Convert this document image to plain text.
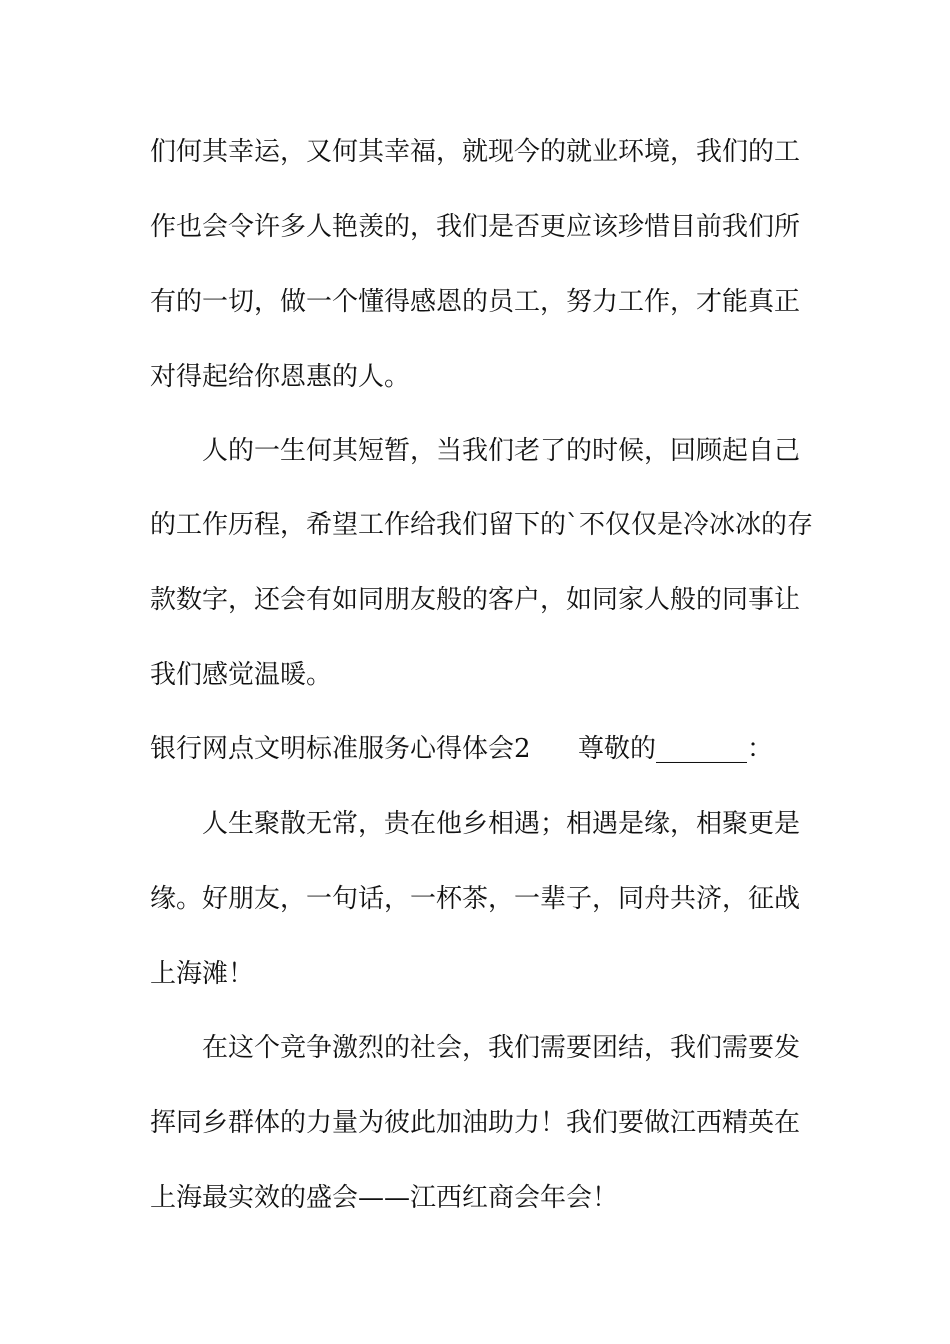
们何其幸运，又何其幸福，就现今的就业环境，我们的工
作也会令许多人艳羡的，我们是否更应该珍惜目前我们所
有的一切，做一个懂得感恩的员工，努力工作，才能真正
对得起给你恩惠的人。
人的一生何其短暂，当我们老了的时候，回顾起自己
的工作历程，希望工作给我们留下的`不仅仅是冷冰冰的存
款数字，还会有如同朋友般的客户，如同家人般的同事让
我们感觉温暖。
银行网点文明标准服务心得体会2 尊敬的_______：
人生聚散无常，贵在他乡相遇；相遇是缘，相聚更是
缘。好朋友，一句话，一杯茶，一辈子，同舟共济，征战
上海滩！
在这个竞争激烈的社会，我们需要团结，我们需要发
挥同乡群体的力量为彼此加油助力！我们要做江西精英在
上海最实效的盛会——江西红商会年会！
